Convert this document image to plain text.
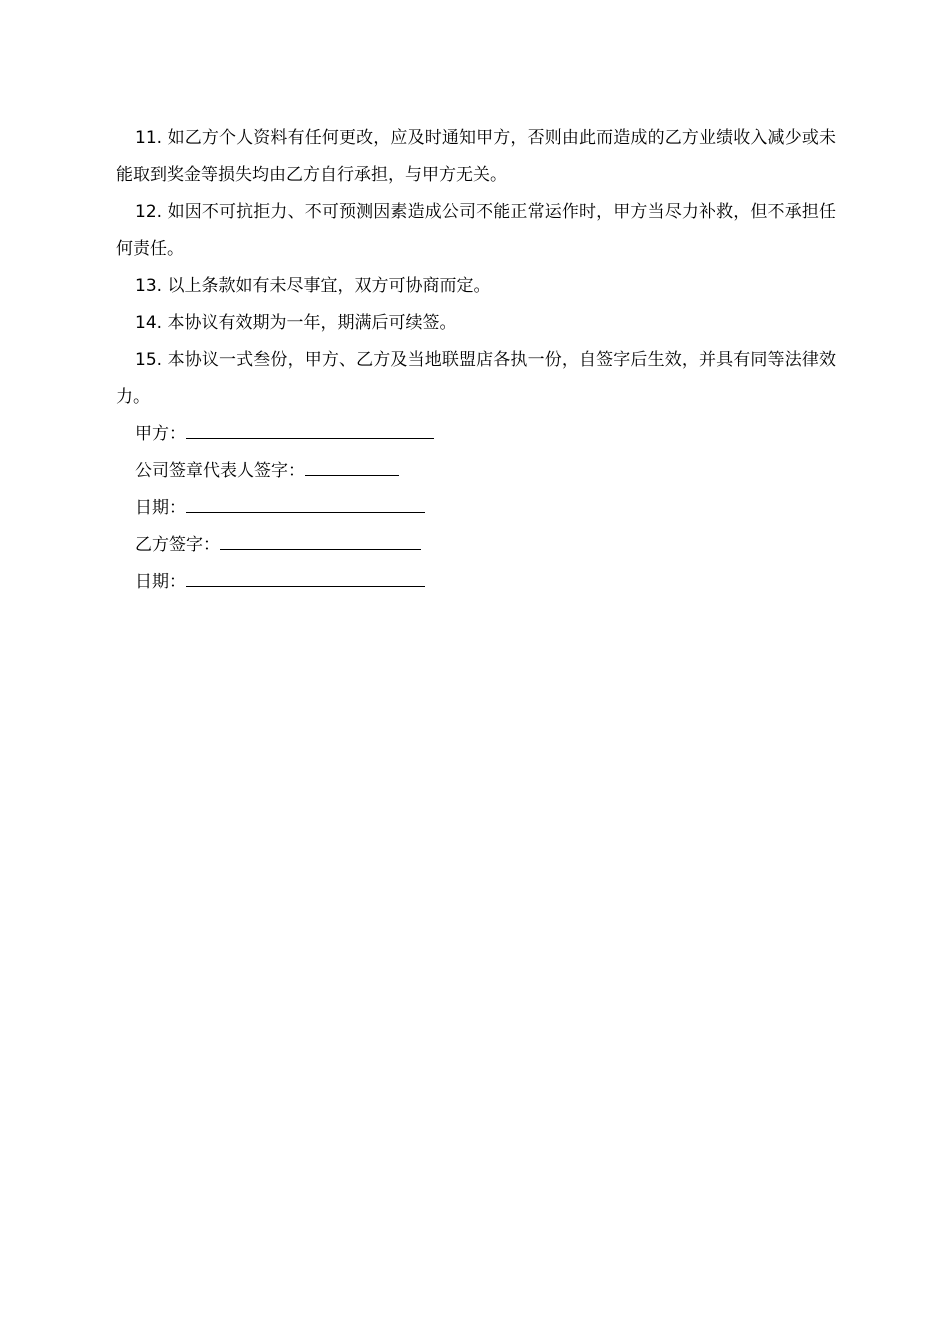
11. 如乙方个人资料有任何更改，应及时通知甲方，否则由此而造成的乙方业绩收入减少或未能取到奖金等损失均由乙方自行承担，与甲方无关。

12. 如因不可抗拒力、不可预测因素造成公司不能正常运作时，甲方当尽力补救，但不承担任何责任。

13. 以上条款如有未尽事宜，双方可协商而定。

14. 本协议有效期为一年，期满后可续签。

15. 本协议一式叁份，甲方、乙方及当地联盟店各执一份，自签字后生效，并具有同等法律效力。

甲方：
公司签章代表人签字：
日期：
乙方签字：
日期：
